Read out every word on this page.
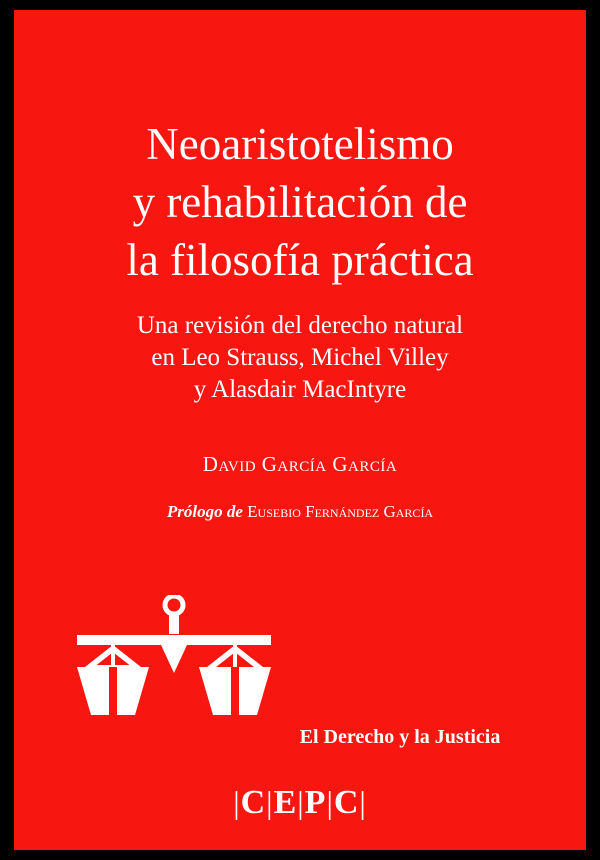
Neoaristotelismo
y rehabilitación de
la filosofía práctica
Una revisión del derecho natural
en Leo Strauss, Michel Villey
y Alasdair MacIntyre
David García García
Prólogo de Eusebio Fernández García
El Derecho y la Justicia
|C|E|P|C|
